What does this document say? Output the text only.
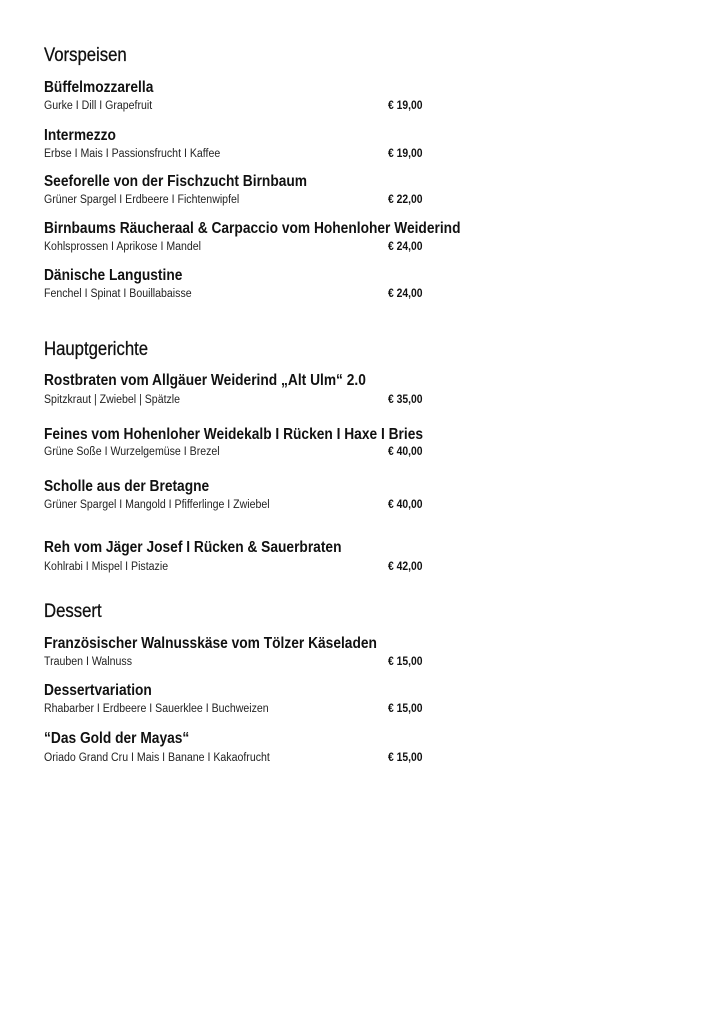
Vorspeisen
Büffelmozzarella
Gurke I Dill I Grapefruit	€ 19,00
Intermezzo
Erbse I Mais I Passionsfrucht I Kaffee	€ 19,00
Seeforelle von der Fischzucht Birnbaum
Grüner Spargel I Erdbeere I Fichtenwipfel	€ 22,00
Birnbaums Räucheraal & Carpaccio vom Hohenloher Weiderind
Kohlsprossen I Aprikose I Mandel	€ 24,00
Dänische Langustine
Fenchel I Spinat I Bouillabaisse	€ 24,00
Hauptgerichte
Rostbraten vom Allgäuer Weiderind „Alt Ulm“ 2.0
Spitzkraut | Zwiebel | Spätzle	€ 35,00
Feines vom Hohenloher Weidekalb I Rücken I Haxe I Bries
Grüne Soße I Wurzelgemüse I Brezel	€ 40,00
Scholle aus der Bretagne
Grüner Spargel I Mangold I Pfifferlinge I Zwiebel	€ 40,00
Reh vom Jäger Josef I Rücken & Sauerbraten
Kohlrabi I Mispel I Pistazie	€ 42,00
Dessert
Französischer Walnusskäse vom Tölzer Käseladen
Trauben I Walnuss	€ 15,00
Dessertvariation
Rhabarber I Erdbeere I Sauerklee I Buchweizen	€ 15,00
“Das Gold der Mayas“
Oriado Grand Cru I Mais I Banane I Kakaofrucht	€ 15,00
